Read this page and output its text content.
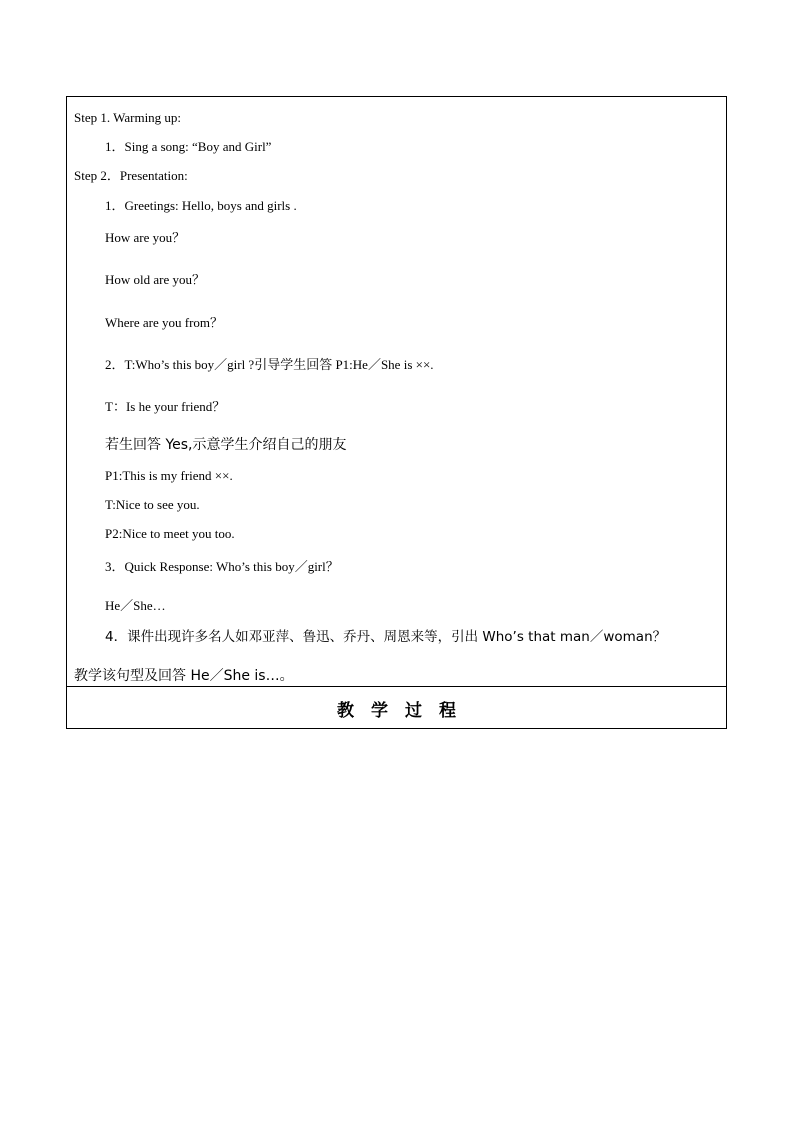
Step 1. Warming up:
1．Sing a song: “Boy and Girl”
Step 2．Presentation:
1．Greetings: Hello, boys and girls .
How are you？
How old are you？
Where are you from？
2．T:Who’s this boy／girl ?引导学生回答 P1:He／She is ××.
T：Is he your friend？
若生回答 Yes,示意学生介绍自己的朋友
P1:This is my friend ××.
T:Nice to see you.
P2:Nice to meet you too.
3．Quick Response: Who’s this boy／girl？
He／She…
4．课件出现许多名人如邓亚萍、鲁迅、乔丹、周恩来等，引出 Who’s that man／woman？
教学该句型及回答 He／She is…。
教学过程
